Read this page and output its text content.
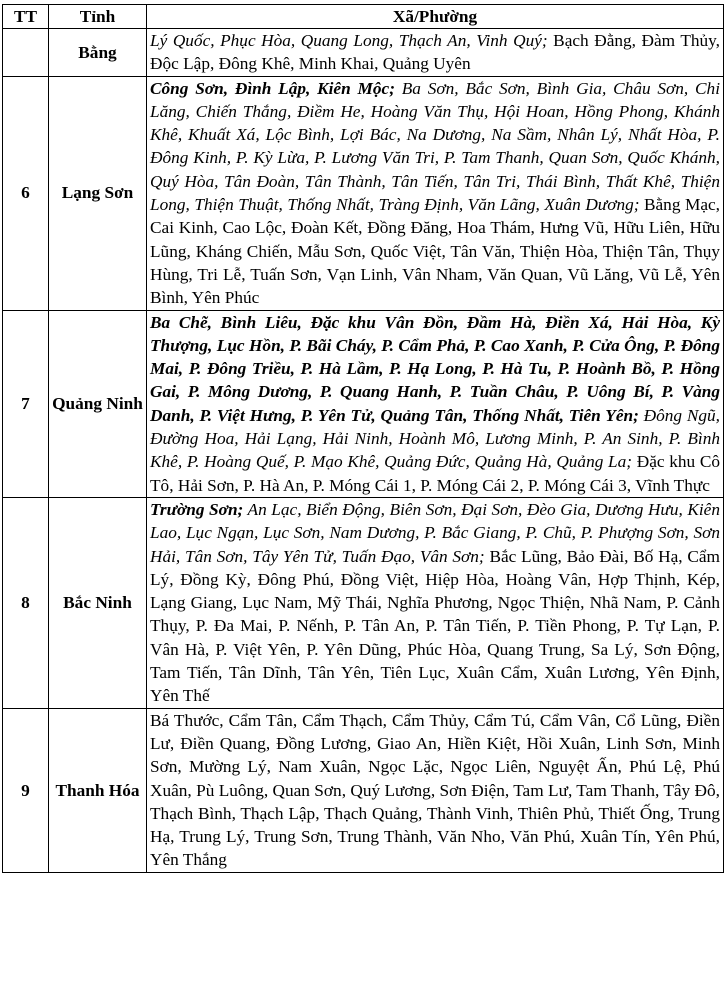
TT	Tỉnh	Xã/Phường
	Bằng	Lý Quốc, Phục Hòa, Quang Long, Thạch An, Vinh Quý; Bạch Đằng, Đàm Thủy, Độc Lập, Đông Khê, Minh Khai, Quảng Uyên
6	Lạng Sơn	Công Sơn, Đình Lập, Kiên Mộc; Ba Sơn, Bắc Sơn, Bình Gia, Châu Sơn, Chi Lăng, Chiến Thắng, Điềm He, Hoàng Văn Thụ, Hội Hoan, Hồng Phong, Khánh Khê, Khuất Xá, Lộc Bình, Lợi Bác, Na Dương, Na Sầm, Nhân Lý, Nhất Hòa, P. Đông Kinh, P. Kỳ Lừa, P. Lương Văn Tri, P. Tam Thanh, Quan Sơn, Quốc Khánh, Quý Hòa, Tân Đoàn, Tân Thành, Tân Tiến, Tân Tri, Thái Bình, Thất Khê, Thiện Long, Thiện Thuật, Thống Nhất, Tràng Định, Văn Lãng, Xuân Dương; Bằng Mạc, Cai Kinh, Cao Lộc, Đoàn Kết, Đồng Đăng, Hoa Thám, Hưng Vũ, Hữu Liên, Hữu Lũng, Kháng Chiến, Mẫu Sơn, Quốc Việt, Tân Văn, Thiện Hòa, Thiện Tân, Thụy Hùng, Tri Lễ, Tuấn Sơn, Vạn Linh, Vân Nham, Văn Quan, Vũ Lăng, Vũ Lễ, Yên Bình, Yên Phúc
7	Quảng Ninh	Ba Chẽ, Bình Liêu, Đặc khu Vân Đồn, Đầm Hà, Điền Xá, Hải Hòa, Kỳ Thượng, Lục Hồn, P. Bãi Cháy, P. Cẩm Phả, P. Cao Xanh, P. Cửa Ông, P. Đông Mai, P. Đông Triều, P. Hà Lầm, P. Hạ Long, P. Hà Tu, P. Hoành Bồ, P. Hồng Gai, P. Mông Dương, P. Quang Hanh, P. Tuần Châu, P. Uông Bí, P. Vàng Danh, P. Việt Hưng, P. Yên Tử, Quảng Tân, Thống Nhất, Tiên Yên; Đông Ngũ, Đường Hoa, Hải Lạng, Hải Ninh, Hoành Mô, Lương Minh, P. An Sinh, P. Bình Khê, P. Hoàng Quế, P. Mạo Khê, Quảng Đức, Quảng Hà, Quảng La; Đặc khu Cô Tô, Hải Sơn, P. Hà An, P. Móng Cái 1, P. Móng Cái 2, P. Móng Cái 3, Vĩnh Thực
8	Bắc Ninh	Trường Sơn; An Lạc, Biển Động, Biên Sơn, Đại Sơn, Đèo Gia, Dương Hưu, Kiên Lao, Lục Ngạn, Lục Sơn, Nam Dương, P. Bắc Giang, P. Chũ, P. Phượng Sơn, Sơn Hải, Tân Sơn, Tây Yên Tử, Tuấn Đạo, Vân Sơn; Bắc Lũng, Bảo Đài, Bố Hạ, Cẩm Lý, Đồng Kỳ, Đông Phú, Đồng Việt, Hiệp Hòa, Hoàng Vân, Hợp Thịnh, Kép, Lạng Giang, Lục Nam, Mỹ Thái, Nghĩa Phương, Ngọc Thiện, Nhã Nam, P. Cảnh Thụy, P. Đa Mai, P. Nếnh, P. Tân An, P. Tân Tiến, P. Tiền Phong, P. Tự Lạn, P. Vân Hà, P. Việt Yên, P. Yên Dũng, Phúc Hòa, Quang Trung, Sa Lý, Sơn Động, Tam Tiến, Tân Dĩnh, Tân Yên, Tiên Lục, Xuân Cẩm, Xuân Lương, Yên Định, Yên Thế
9	Thanh Hóa	Bá Thước, Cẩm Tân, Cẩm Thạch, Cẩm Thủy, Cẩm Tú, Cẩm Vân, Cổ Lũng, Điền Lư, Điền Quang, Đồng Lương, Giao An, Hiền Kiệt, Hồi Xuân, Linh Sơn, Minh Sơn, Mường Lý, Nam Xuân, Ngọc Lặc, Ngọc Liên, Nguyệt Ấn, Phú Lệ, Phú Xuân, Pù Luông, Quan Sơn, Quý Lương, Sơn Điện, Tam Lư, Tam Thanh, Tây Đô, Thạch Bình, Thạch Lập, Thạch Quảng, Thành Vinh, Thiên Phủ, Thiết Ống, Trung Hạ, Trung Lý, Trung Sơn, Trung Thành, Văn Nho, Văn Phú, Xuân Tín, Yên Phú, Yên Thắng
